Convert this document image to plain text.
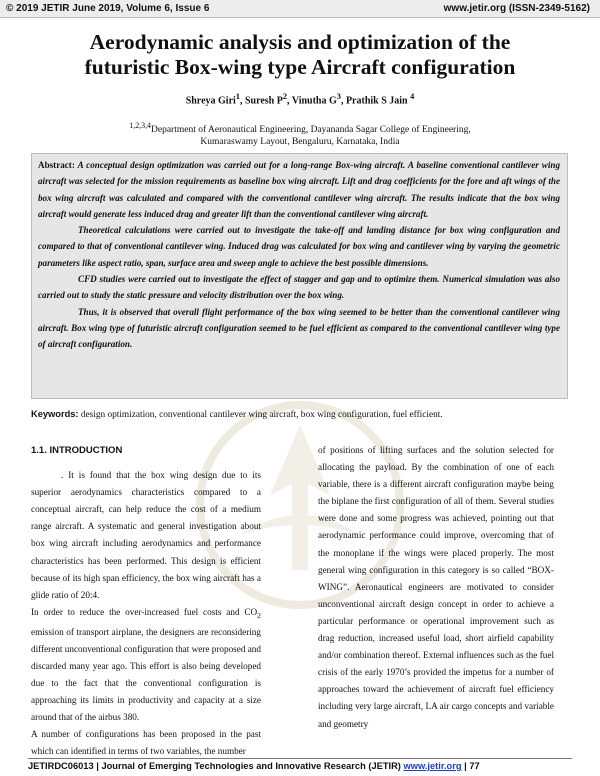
© 2019 JETIR June 2019, Volume 6, Issue 6	www.jetir.org (ISSN-2349-5162)
Aerodynamic analysis and optimization of the
futuristic Box-wing type Aircraft configuration
Shreya Giri$^1$, Suresh $P^2$, Vinutha $G^3$, Prathik S Jain $^4$
$^{1,2,3,4}$Department of Aeronautical Engineering, Dayananda Sagar College of Engineering,
Kumaraswamy Layout, Bengaluru, Karnataka, India

Abstract: A conceptual design optimization was carried out for a long-range Box-wing aircraft. A baseline conventional cantilever wing aircraft was selected for the mission requirements as baseline box wing aircraft. Lift and drag coefficients for the fore and aft wings of the box wing aircraft was calculated and compared with the conventional cantilever wing aircraft. The results indicate that the box wing aircraft would generate less induced drag and greater lift than the conventional cantilever wing aircraft.

Theoretical calculations were carried out to investigate the take-off and landing distance for box wing configuration and compared to that of conventional cantilever wing. Induced drag was calculated for box wing and cantilever wing by varying the geometric parameters like aspect ratio, span, surface area and sweep angle to achieve the best possible dimensions.

CFD studies were carried out to investigate the effect of stagger and gap and to optimize them. Numerical simulation was also carried out to study the static pressure and velocity distribution over the box wing.

Thus, it is observed that overall flight performance of the box wing seemed to be better than the conventional cantilever wing aircraft. Box wing type of futuristic aircraft configuration seemed to be fuel efficient as compared to the conventional cantilever wing type of aircraft configuration.

Keywords: design optimization, conventional cantilever wing aircraft, box wing configuration, fuel efficient.

1.1. INTRODUCTION

. It is found that the box wing design due to its superior aerodynamics characteristics compared to a conceptual aircraft, can help reduce the cost of a medium range aircraft. A systematic and general investigation about box wing aircraft including aerodynamics and performance characteristics has been performed. This design is efficient because of its high span efficiency, the box wing aircraft has a glide ratio of 20:4.

In order to reduce the over-increased fuel costs and $CO_2$ emission of transport airplane, the designers are reconsidering different unconventional configuration that were proposed and discarded many year ago. This effort is also being developed due to the fact that the conventional configuration is approaching its limits in productivity and capacity at a size around that of the airbus 380.

A number of configurations has been proposed in the past which can identified in terms of two variables, the number

of positions of lifting surfaces and the solution selected for allocating the payload. By the combination of one of each variable, there is a different aircraft configuration maybe being the biplane the first configuration of all of them. Several studies were done and some progress was achieved, pointing out that aerodynamic performance could improve, overcoming that of the monoplane if the wings were placed properly. The most general wing configuration in this category is so called “BOX-WING”. Aeronautical engineers are motivated to consider unconventional aircraft design concept in order to achieve a particular performance or operational improvement such as drag reduction, increased useful load, short airfield capability and/or combination thereof. External influences such as the fuel crisis of the early 1970’s provided the impetus for a number of approaches toward the achievement of aircraft fuel efficiency including very large aircraft, LA air cargo concepts and variable and geometry

JETIRDC06013 | Journal of Emerging Technologies and Innovative Research (JETIR) www.jetir.org | 77
